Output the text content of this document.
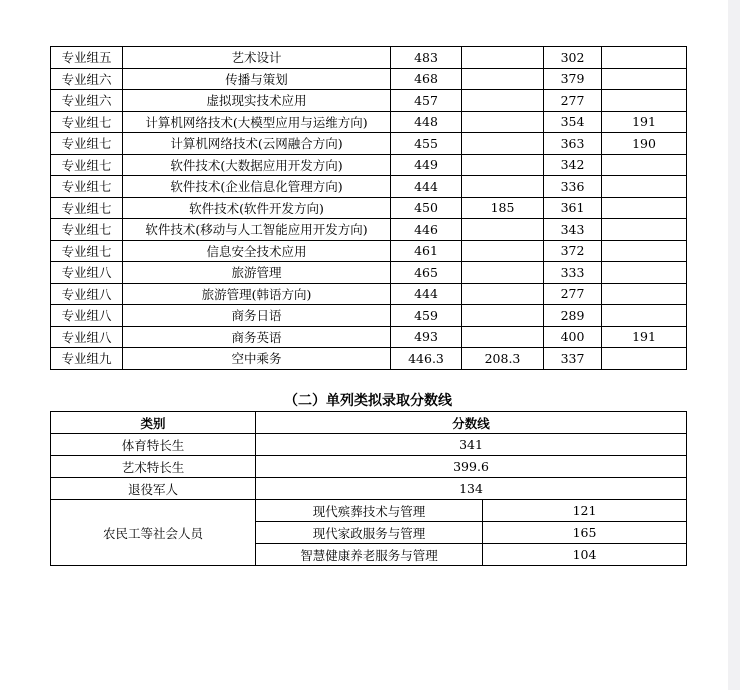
专业组五	艺术设计	483		302	
专业组六	传播与策划	468		379	
专业组六	虚拟现实技术应用	457		277	
专业组七	计算机网络技术(大模型应用与运维方向)	448		354	191
专业组七	计算机网络技术(云网融合方向)	455		363	190
专业组七	软件技术(大数据应用开发方向)	449		342	
专业组七	软件技术(企业信息化管理方向)	444		336	
专业组七	软件技术(软件开发方向)	450	185	361	
专业组七	软件技术(移动与人工智能应用开发方向)	446		343	
专业组七	信息安全技术应用	461		372	
专业组八	旅游管理	465		333	
专业组八	旅游管理(韩语方向)	444		277	
专业组八	商务日语	459		289	
专业组八	商务英语	493		400	191
专业组九	空中乘务	446.3	208.3	337	
（二）单列类拟录取分数线
类别	分数线	
体育特长生	341	
艺术特长生	399.6	
退役军人	134	
农民工等社会人员	现代殡葬技术与管理	121
	现代家政服务与管理	165
	智慧健康养老服务与管理	104
